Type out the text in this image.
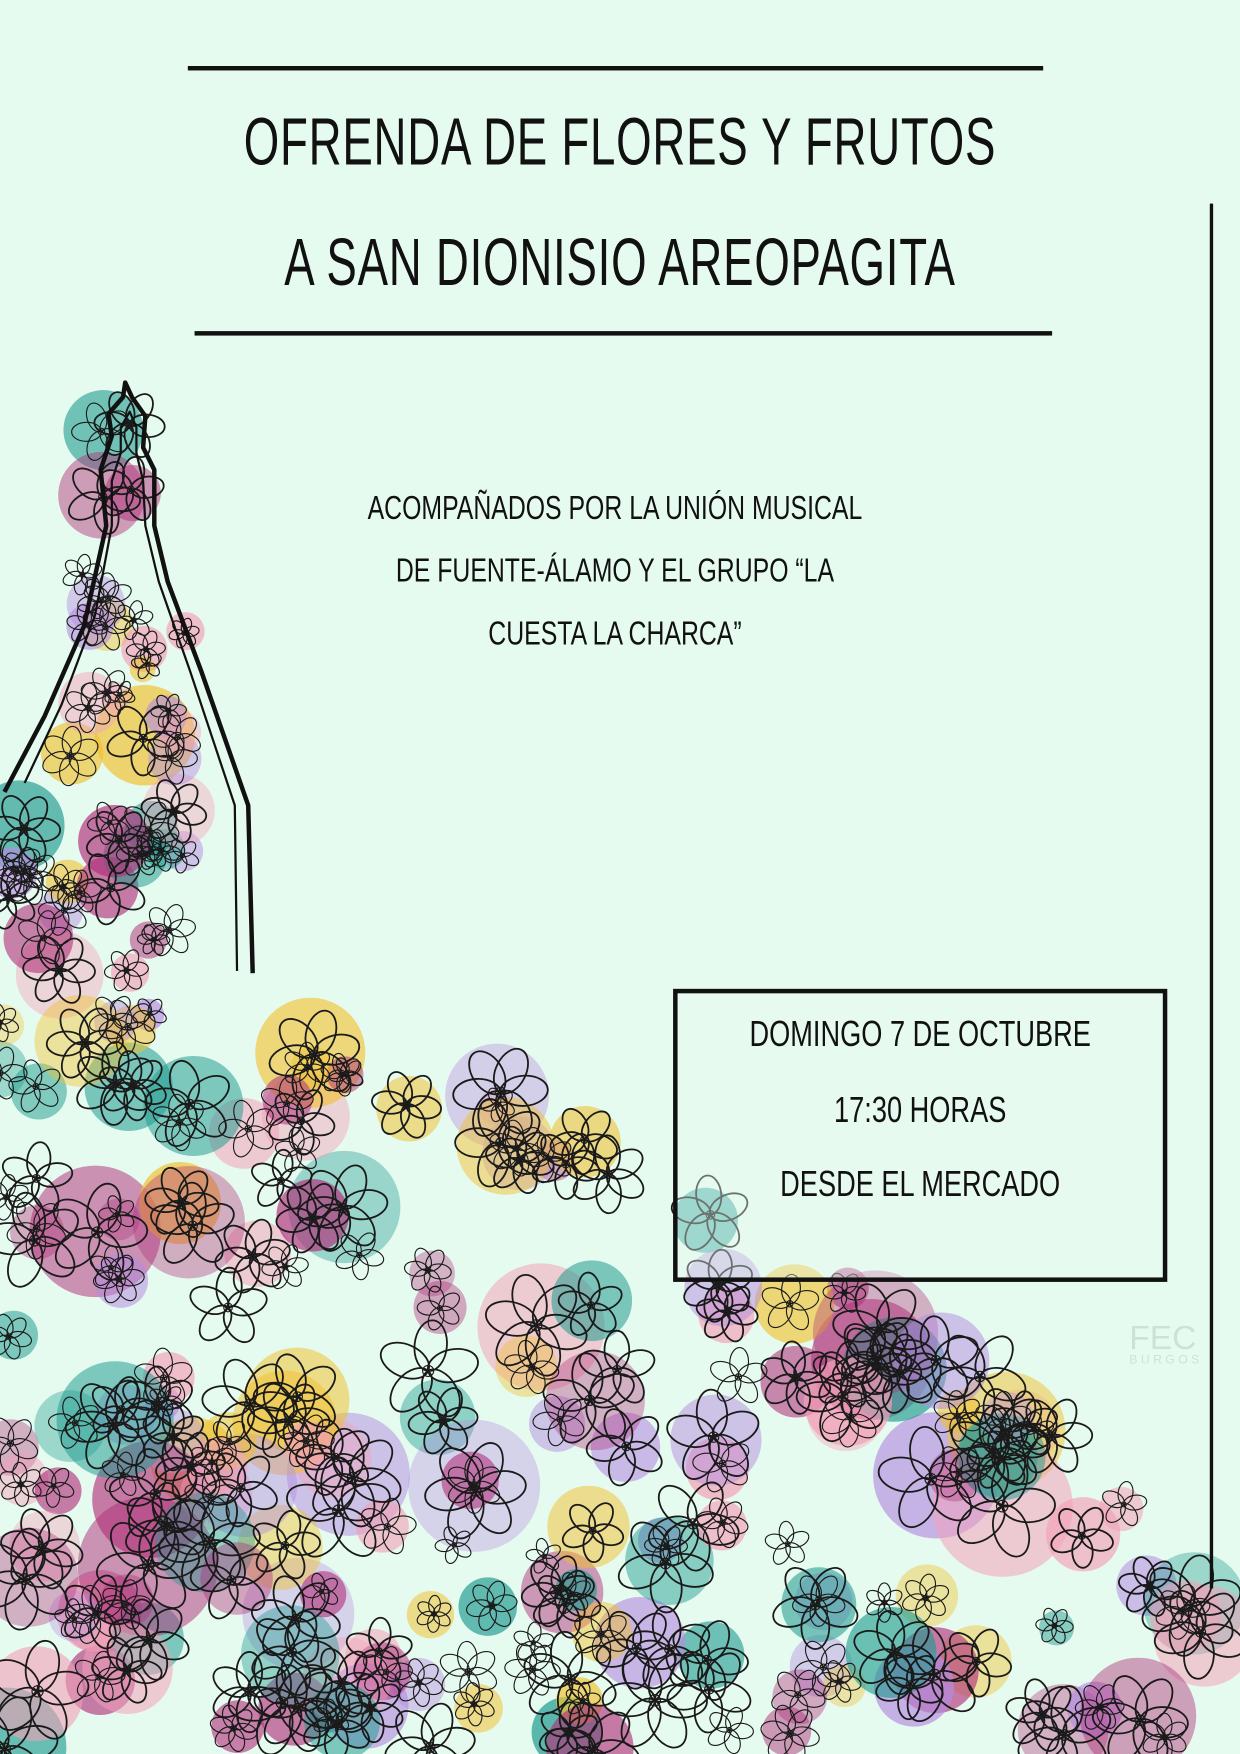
FEC
BURGOS
OFRENDA DE FLORES Y FRUTOS
A SAN DIONISIO AREOPAGITA
ACOMPAÑADOS POR LA UNIÓN MUSICAL
DE FUENTE-ÁLAMO Y EL GRUPO “LA
CUESTA LA CHARCA”
DOMINGO 7 DE OCTUBRE
17:30 HORAS
DESDE EL MERCADO
